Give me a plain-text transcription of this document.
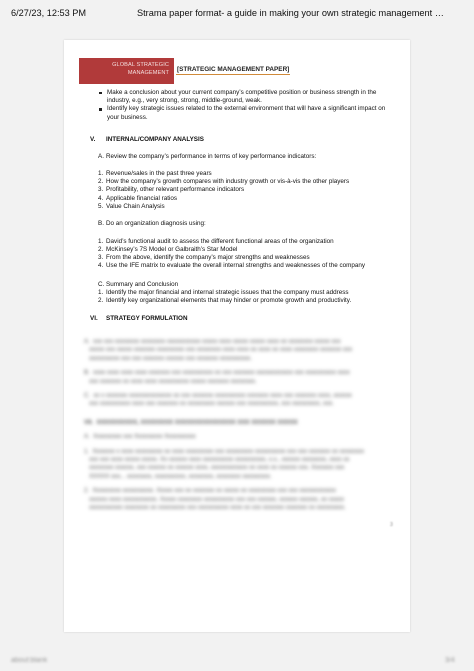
6/27/23, 12:53 PM	Strama paper format- a guide in making your own strategic management …
GLOBAL STRATEGIC
MANAGEMENT [STRATEGIC MANAGEMENT PAPER]
Make a conclusion about your current company’s competitive position or business strength in the industry, e.g., very strong, strong, middle-ground, weak.
Identify key strategic issues related to the external environment that will have a significant impact on your business.
V. INTERNAL/COMPANY ANALYSIS
A. Review the company’s performance in terms of key performance indicators:
1. Revenue/sales in the past three years
2. How the company’s growth compares with industry growth or vis-à-vis the other players
3. Profitability, other relevant performance indicators
4. Applicable financial ratios
5. Value Chain Analysis
B. Do an organization diagnosis using:
1. David’s functional audit to assess the different functional areas of the organization
2. McKinsey’s 7S Model or Galbraith’s Star Model
3. From the above, identify the company’s major strengths and weaknesses
4. Use the IFE matrix to evaluate the overall internal strengths and weaknesses of the company
C. Summary and Conclusion
1. Identify the major financial and internal strategic issues that the company must address
2. Identify key organizational elements that may hinder or promote growth and productivity.
VI. STRATEGY FORMULATION

A.  xxx xxx xxxxxxxx xxxxxxxx xxxxxxxxxxx xxxxx xxxx xxxxx xxxxx xxxx xx xxxxxxxx xxxxx xxx
xxxxx xxx xxxxx xxxxxxx xxxxxxxxx xxx xxxxxxxx xxxx xxxx xx xxxx xx xxxx xxxxxxxx xxxxxxx xxx
xxxxxxxxxx xxx xxx xxxxxxx xxxxxx xxx xxxxxxx xxxxxxxxxx.

B.  xxxx xxxx xxxx xxxx xxxxxxx xxx xxxxxxxxxx xx xxx xxxxxxx xxxxxxxxxxxx xxx xxxxxxxxxx xxxx
xxx xxxxxxx xx xxxx xxxx xxxxxxxxxx xxxxx xxxxxxx xxxxxxxx.

C.  xx x xxxxxxx xxxxxxxxxxxxxx xx xxx xxxxxxx xxxxxxxxxx xxxxxxx xxxx xxx xxxxxxx xxxx, xxxxxx
xxx xxxxxxxxxx xxxx xxx xxxxxxx xx xxxxxxxxx xxxxxx xxx xxxxxxxxxx, xxx xxxxxxxxx, xxx.

VII.  XXXXXXXXXX, XXXXXXXX XXXXXXXXXXXXXXX XXX XXXXXX XXXXX

A.  Xxxxxxxxx xxx Xxxxxxxxx Xxxxxxxxxx

1.  Xxxxxxx x xxxx xxxxxxxxx xx xxxx xxxxxxxxx xxx xxxxxxxxx xxxxxxxxxx xxx xxx xxxxxxx xx xxxxxxxx
xxx xxx xxxx xxxxx xxxxx. Xx xxxxxx xxxx xxxxxxxxxx xxxxxxxxxx, x.x., xxxxxx xxxxxxxx, xxxx xx
xxxxxxxx xxxxxx, xxx xxxxxx xx xxxxxx xxxx, xxxxxxxxxxxx xx xxxx xx xxxxxx xxx. Xxxxxxx xxx
XXXXX xxx... xxxxxxxx, xxxxxxxxxx, xxxxxxxx, xxxxxxxx xxxxxxxxx.

2.  Xxxxxxxxx xxxxxxxxxx. Xxxxx xxx xx xxxxxxx xx xxxxx xx xxxxxxxxx xxx xxx xxxxxxxxxxxx
xxxxxx xxxx xxxxxxxxxxx. Xxxxx xxxxxxxx xxxxxxxxxx xxx xxx xxxxxx, xxxxxx xxxxxx, xx xxxxx
xxxxxxxxxxx xxxxxxxx xx xxxxxxxxx xxx xxxxxxxxxx xxxx xx xxx xxxxxxx xxxxxxx xx xxxxxxxxx.

3
about:blank	3/4
